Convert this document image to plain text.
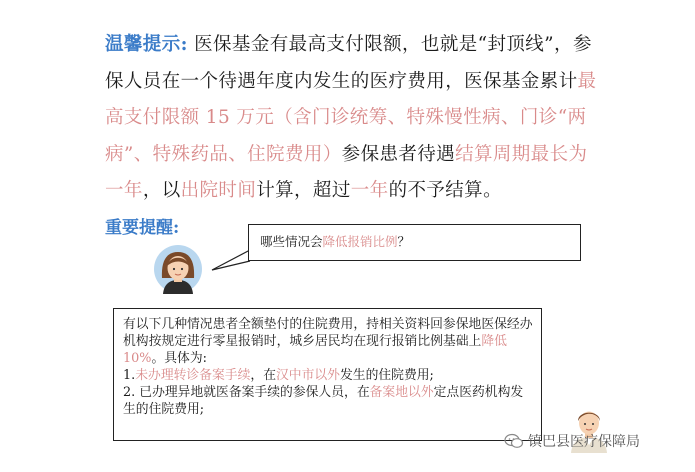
温馨提示: 医保基金有最高支付限额，也就是“封顶线”，参保人员在一个待遇年度内发生的医疗费用，医保基金累计最高支付限额 15 万元（含门诊统筹、特殊慢性病、门诊“两病”、特殊药品、住院费用）参保患者待遇结算周期最长为一年，以出院时间计算，超过一年的不予结算。
重要提醒:
哪些情况会降低报销比例？

有以下几种情况患者全额垫付的住院费用，持相关资料回参保地医保经办机构按规定进行零星报销时，城乡居民均在现行报销比例基础上降低 10%。具体为:

1.未办理转诊备案手续，在汉中市以外发生的住院费用;

2. 已办理异地就医备案手续的参保人员，在备案地以外定点医药机构发生的住院费用;

镇巴县医疗保障局
